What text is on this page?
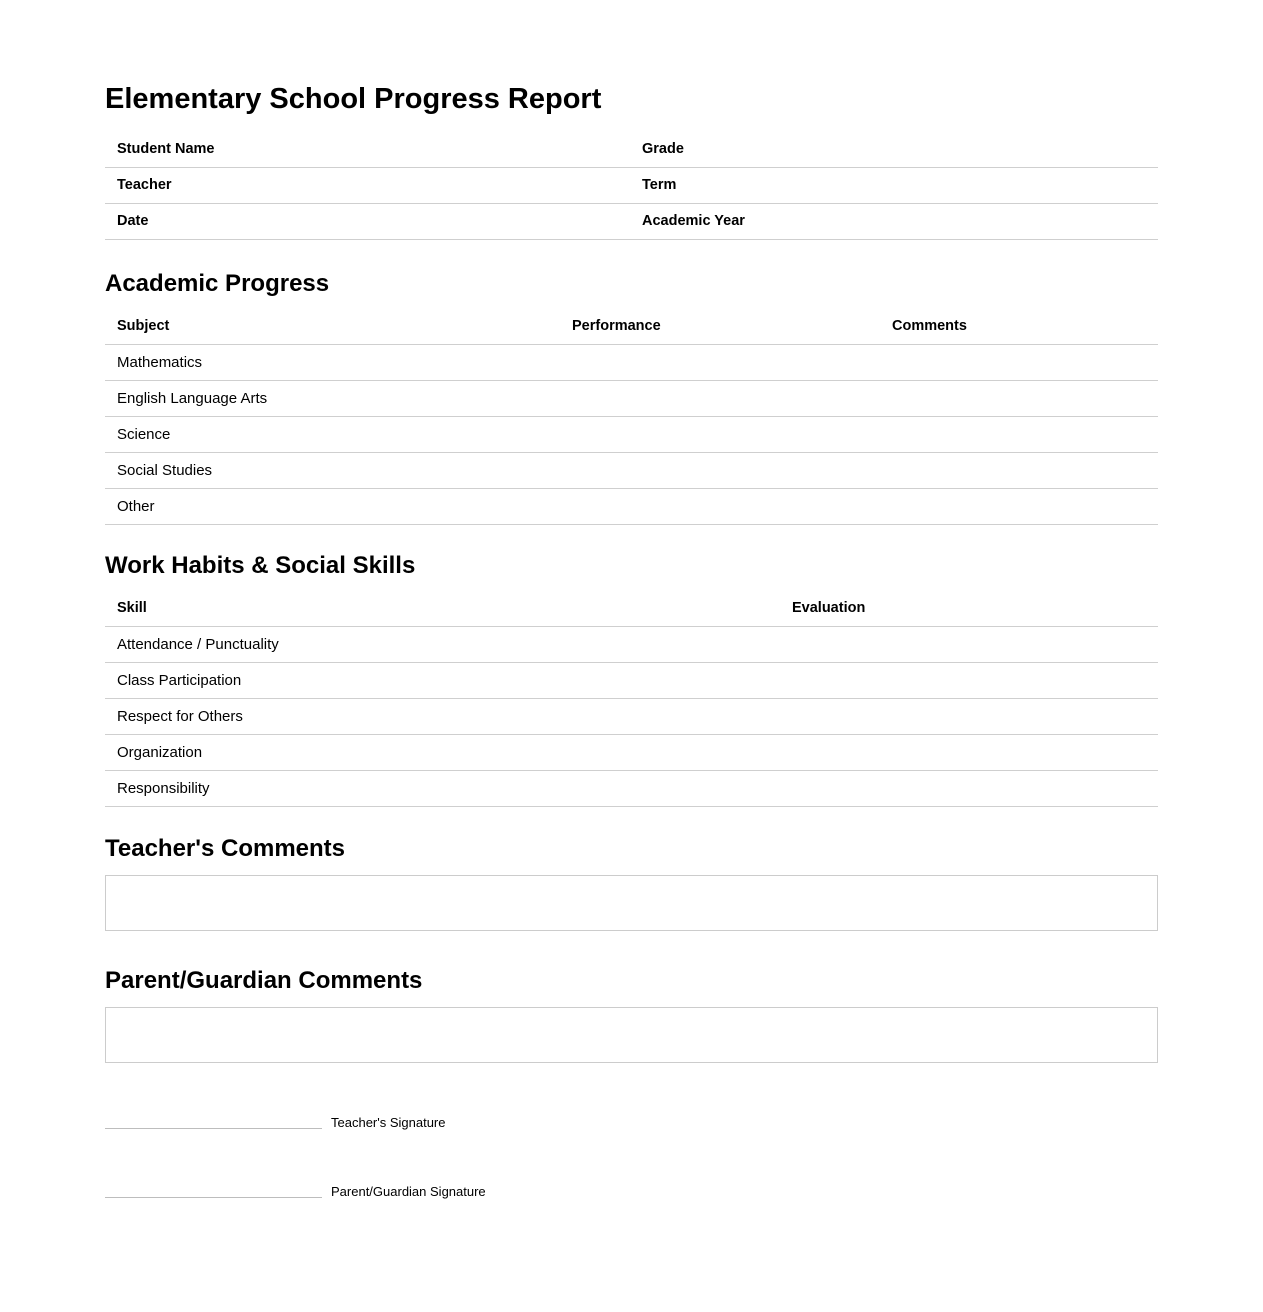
Elementary School Progress Report
Student Name	Grade
Teacher	Term
Date	Academic Year
Academic Progress
Subject	Performance	Comments
Mathematics		
English Language Arts		
Science		
Social Studies		
Other		
Work Habits & Social Skills
Skill	Evaluation
Attendance / Punctuality	
Class Participation	
Respect for Others	
Organization	
Responsibility	
Teacher's Comments
Parent/Guardian Comments
Teacher's Signature
Parent/Guardian Signature
